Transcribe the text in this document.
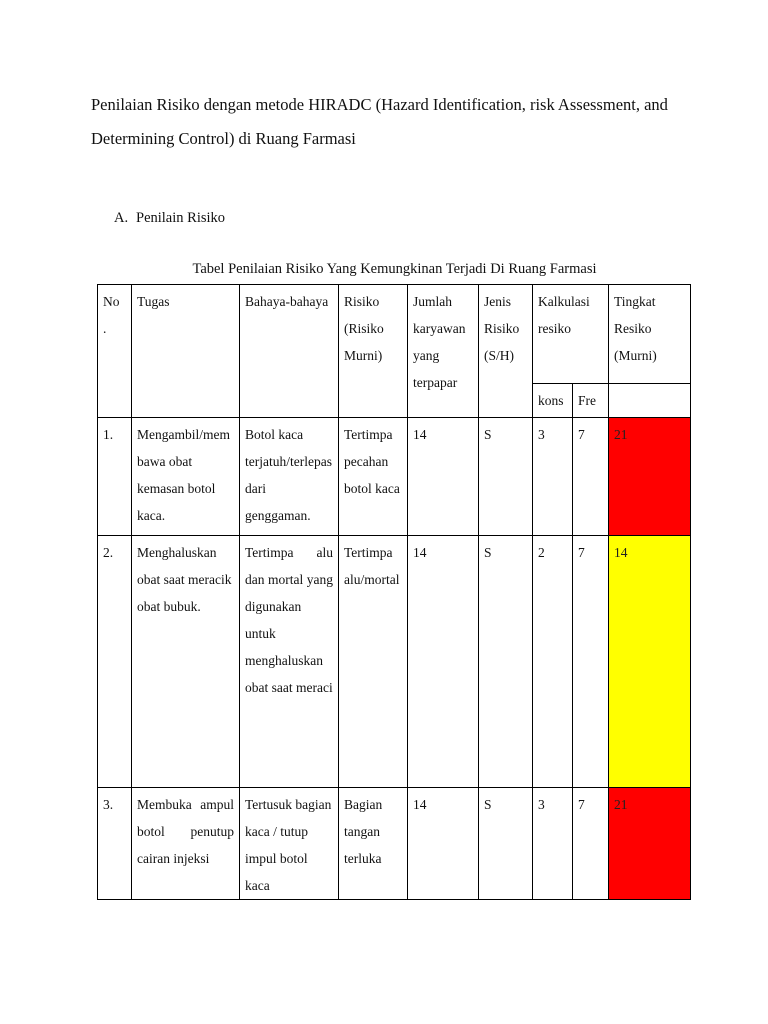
Penilaian Risiko dengan metode HIRADC (Hazard Identification, risk Assessment, and Determining Control) di Ruang Farmasi
A. Penilain Risiko
Tabel Penilaian Risiko Yang Kemungkinan Terjadi Di Ruang Farmasi
No .	Tugas	Bahaya-bahaya	Risiko (Risiko Murni)	Jumlah karyawan yang terpapar	Jenis Risiko (S/H)	Kalkulasi resiko		Tingkat Resiko (Murni)
						kons	Fre	
1.	Mengambil/membawa obat kemasan botol kaca.	Botol kaca terjatuh/terlepas dari genggaman.	Tertimpa pecahan botol kaca	14	S	3	7	21
2.	Menghaluskan obat saat meracik obat bubuk.	Tertimpa alu dan mortal yang digunakan untuk menghaluskan obat saat meraci	Tertimpa alu/mortal	14	S	2	7	14
3.	Membuka ampul botol penutup cairan injeksi	Tertusuk bagian kaca / tutup impul botol kaca	Bagian tangan terluka	14	S	3	7	21
